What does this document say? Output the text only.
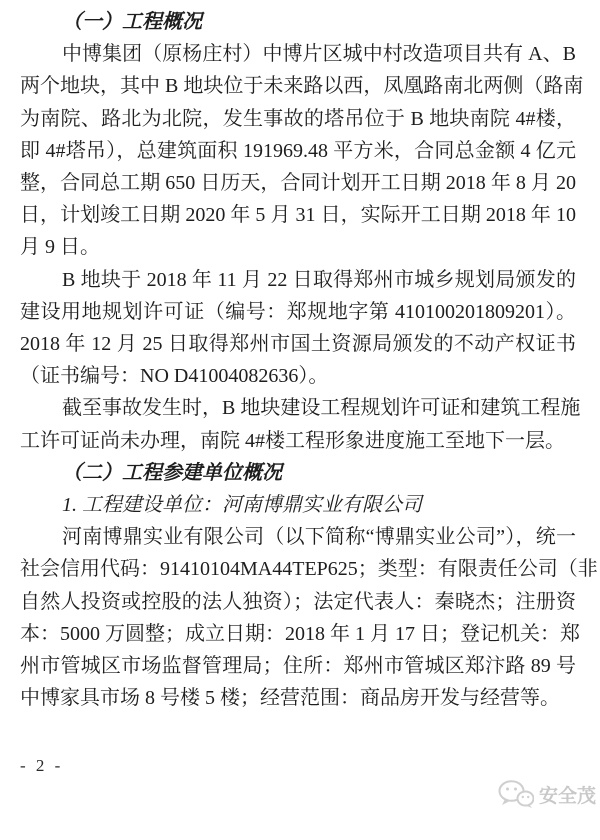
（一）工程概况
中博集团（原杨庄村）中博片区城中村改造项目共有 A、B
两个地块，其中 B 地块位于未来路以西，凤凰路南北两侧（路南
为南院、路北为北院，发生事故的塔吊位于 B 地块南院 4#楼，
即 4#塔吊），总建筑面积 191969.48 平方米，合同总金额 4 亿元
整，合同总工期 650 日历天，合同计划开工日期 2018 年 8 月 20
日，计划竣工日期 2020 年 5 月 31 日，实际开工日期 2018 年 10
月 9 日。
B 地块于 2018 年 11 月 22 日取得郑州市城乡规划局颁发的
建设用地规划许可证（编号：郑规地字第 410100201809201）。
2018 年 12 月 25 日取得郑州市国土资源局颁发的不动产权证书
（证书编号：NO D41004082636）。
截至事故发生时，B 地块建设工程规划许可证和建筑工程施
工许可证尚未办理，南院 4#楼工程形象进度施工至地下一层。
（二）工程参建单位概况
1. 工程建设单位：河南博鼎实业有限公司
河南博鼎实业有限公司（以下简称“博鼎实业公司”），统一
社会信用代码：91410104MA44TEP625；类型：有限责任公司（非
自然人投资或控股的法人独资）；法定代表人：秦晓杰；注册资
本：5000 万圆整；成立日期：2018 年 1 月 17 日；登记机关：郑
州市管城区市场监督管理局；住所：郑州市管城区郑汴路 89 号
中博家具市场 8 号楼 5 楼；经营范围：商品房开发与经营等。
- 2 -
安全茂
